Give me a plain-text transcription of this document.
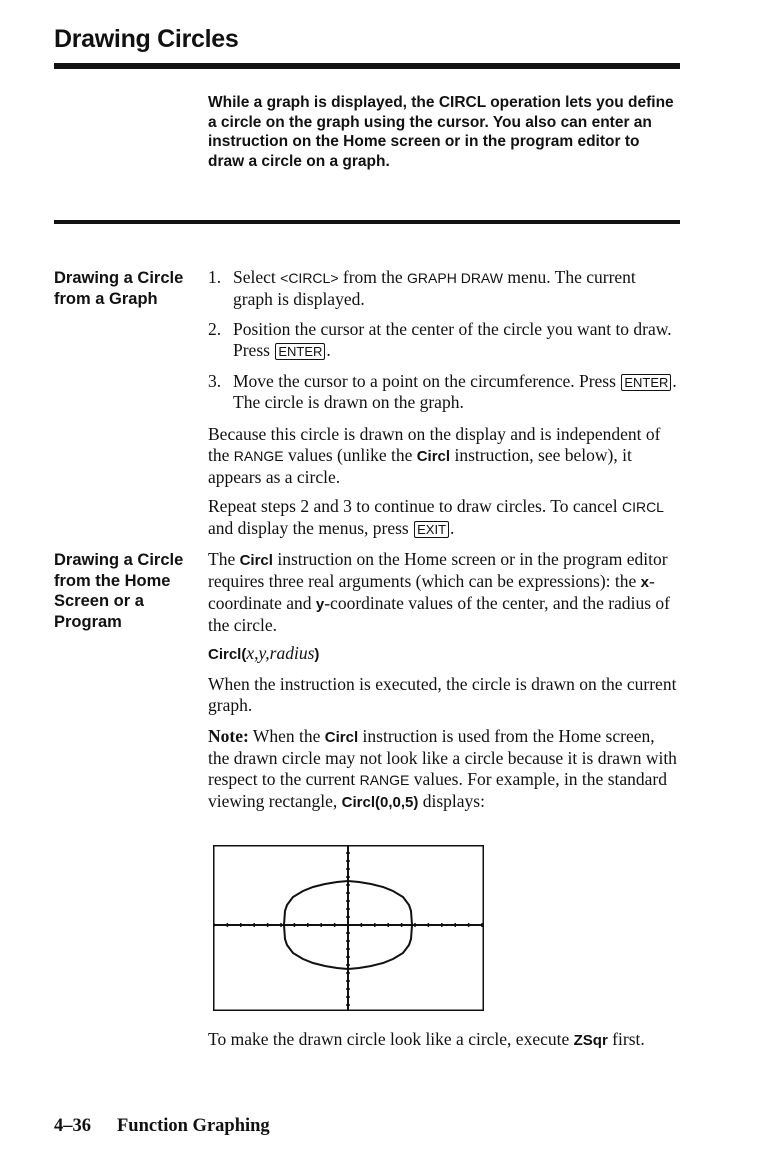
Drawing Circles
While a graph is displayed, the CIRCL operation lets you define a circle on the graph using the cursor. You also can enter an instruction on the Home screen or in the program editor to draw a circle on a graph.
Drawing a Circle
from a Graph
1. Select <CIRCL> from the GRAPH DRAW menu. The current graph is displayed.
2. Position the cursor at the center of the circle you want to draw. Press ENTER .
3. Move the cursor to a point on the circumference. Press ENTER . The circle is drawn on the graph.
Because this circle is drawn on the display and is independent of the RANGE values (unlike the Circl instruction, see below), it appears as a circle.
Repeat steps 2 and 3 to continue to draw circles. To cancel CIRCL and display the menus, press EXIT .
Drawing a Circle
from the Home
Screen or a
Program
The Circl instruction on the Home screen or in the program editor requires three real arguments (which can be expressions): the x-coordinate and y-coordinate values of the center, and the radius of the circle.
Circl(x,y,radius)
When the instruction is executed, the circle is drawn on the current graph.
Note: When the Circl instruction is used from the Home screen, the drawn circle may not look like a circle because it is drawn with respect to the current RANGE values. For example, in the standard viewing rectangle, Circl(0,0,5) displays:
To make the drawn circle look like a circle, execute ZSqr first.
4–36 Function Graphing
